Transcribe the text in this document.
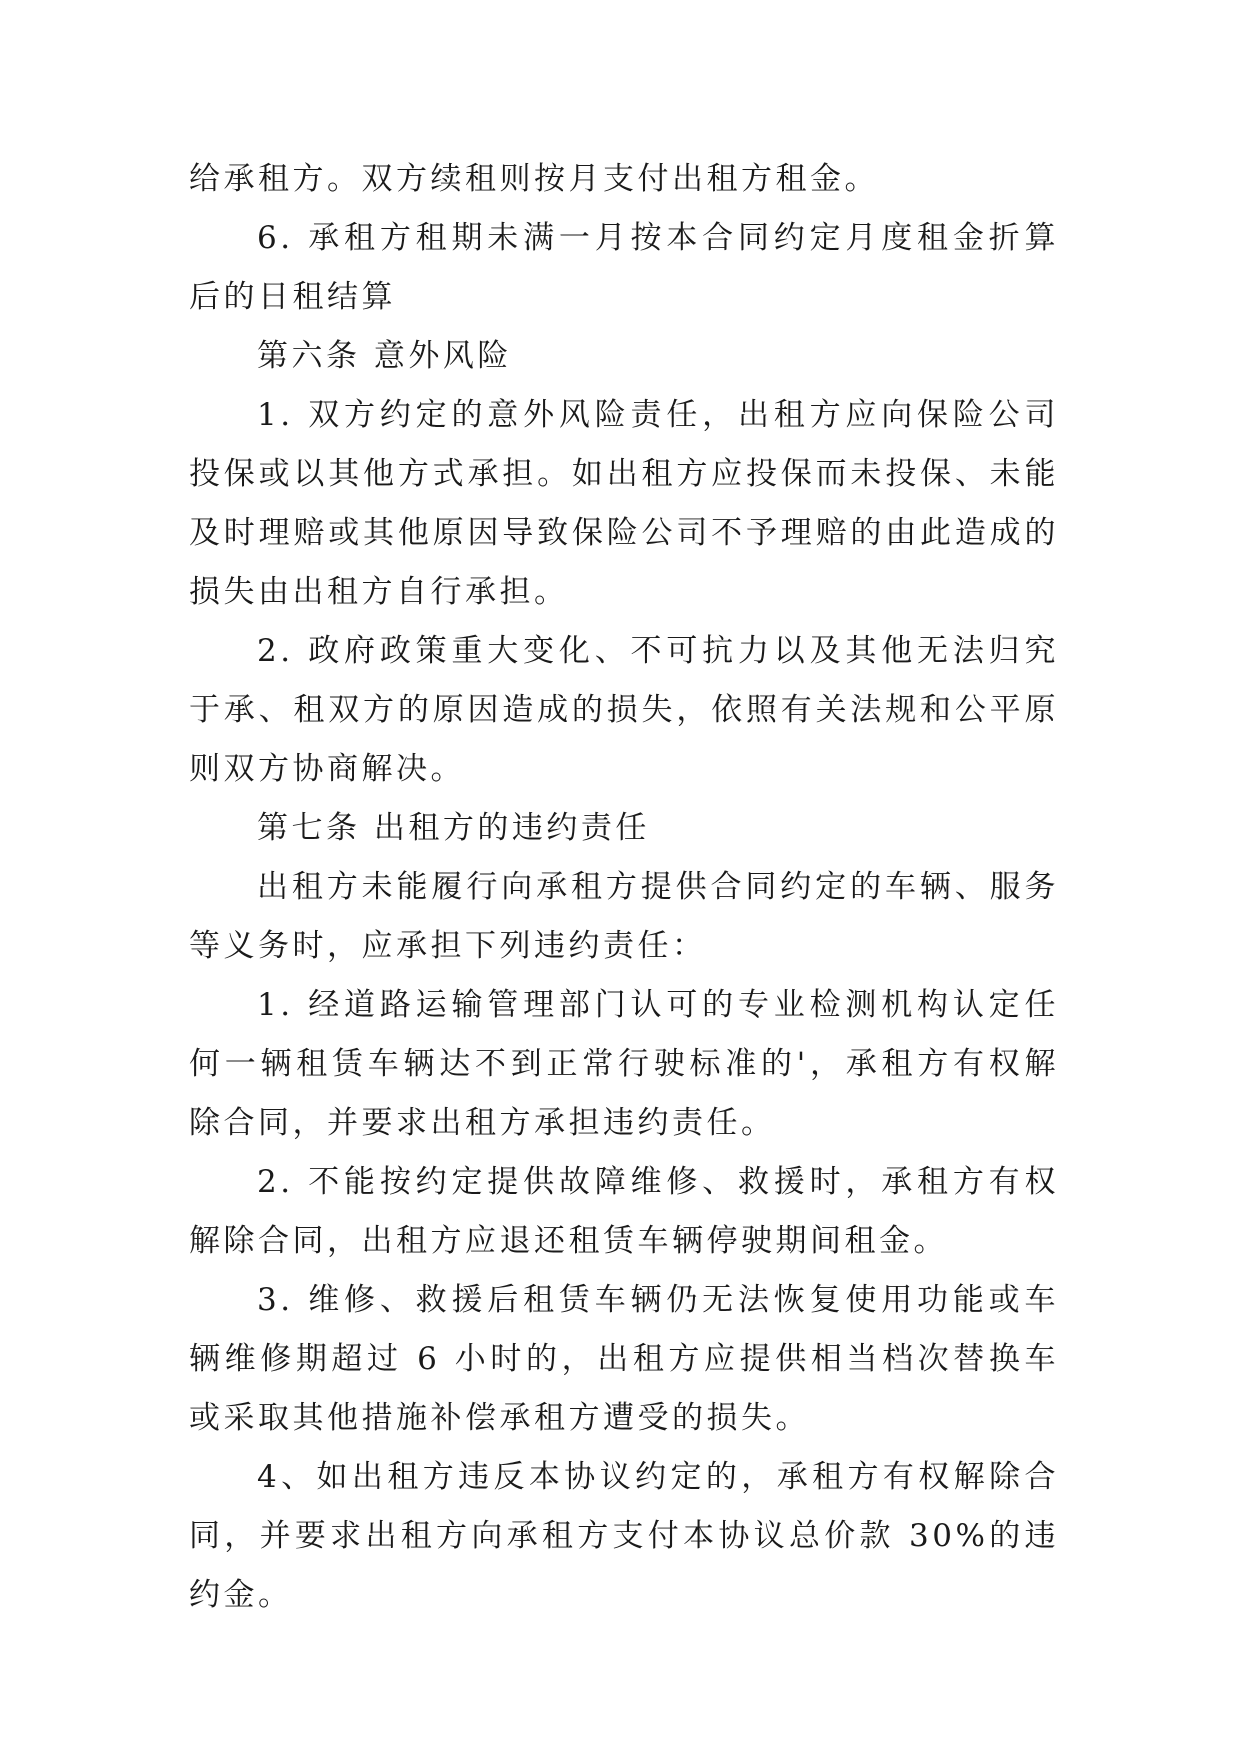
给承租方。双方续租则按月支付出租方租金。

6. 承租方租期未满一月按本合同约定月度租金折算后的日租结算

第六条 意外风险

1. 双方约定的意外风险责任，出租方应向保险公司投保或以其他方式承担。如出租方应投保而未投保、未能及时理赔或其他原因导致保险公司不予理赔的由此造成的损失由出租方自行承担。

2. 政府政策重大变化、不可抗力以及其他无法归究于承、租双方的原因造成的损失，依照有关法规和公平原则双方协商解决。

第七条 出租方的违约责任

出租方未能履行向承租方提供合同约定的车辆、服务等义务时，应承担下列违约责任：

1. 经道路运输管理部门认可的专业检测机构认定任何一辆租赁车辆达不到正常行驶标准的'，承租方有权解除合同，并要求出租方承担违约责任。

2. 不能按约定提供故障维修、救援时，承租方有权解除合同，出租方应退还租赁车辆停驶期间租金。

3. 维修、救援后租赁车辆仍无法恢复使用功能或车辆维修期超过 6 小时的，出租方应提供相当档次替换车或采取其他措施补偿承租方遭受的损失。

4、如出租方违反本协议约定的，承租方有权解除合同，并要求出租方向承租方支付本协议总价款 30%的违约金。
